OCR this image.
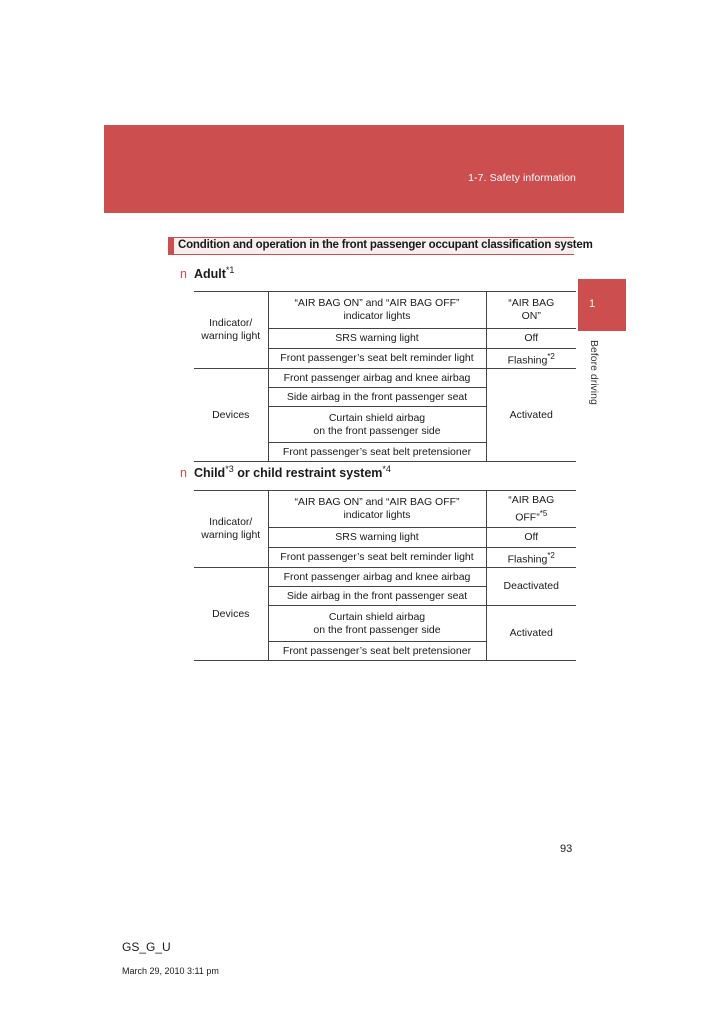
1-7. Safety information
1
Before driving
Condition and operation in the front passenger occupant classification system
n Adult$^{*1}$
Indicator/
warning light	“AIR BAG ON” and “AIR BAG OFF”
indicator lights	“AIR BAG
ON”
	SRS warning light	Off
	Front passenger’s seat belt reminder light	Flashing$^{*2}$
Devices	Front passenger airbag and knee airbag	Activated
	Side airbag in the front passenger seat	
	Curtain shield airbag
on the front passenger side	
	Front passenger’s seat belt pretensioner	
n Child$^{*3}$ or child restraint system$^{*4}$
Indicator/
warning light	“AIR BAG ON” and “AIR BAG OFF”
indicator lights	“AIR BAG
OFF”$^{*5}$
	SRS warning light	Off
	Front passenger’s seat belt reminder light	Flashing$^{*2}$
Devices	Front passenger airbag and knee airbag	Deactivated
	Side airbag in the front passenger seat	
	Curtain shield airbag
on the front passenger side	Activated
	Front passenger’s seat belt pretensioner	
93
GS_G_U
March 29, 2010 3:11 pm
